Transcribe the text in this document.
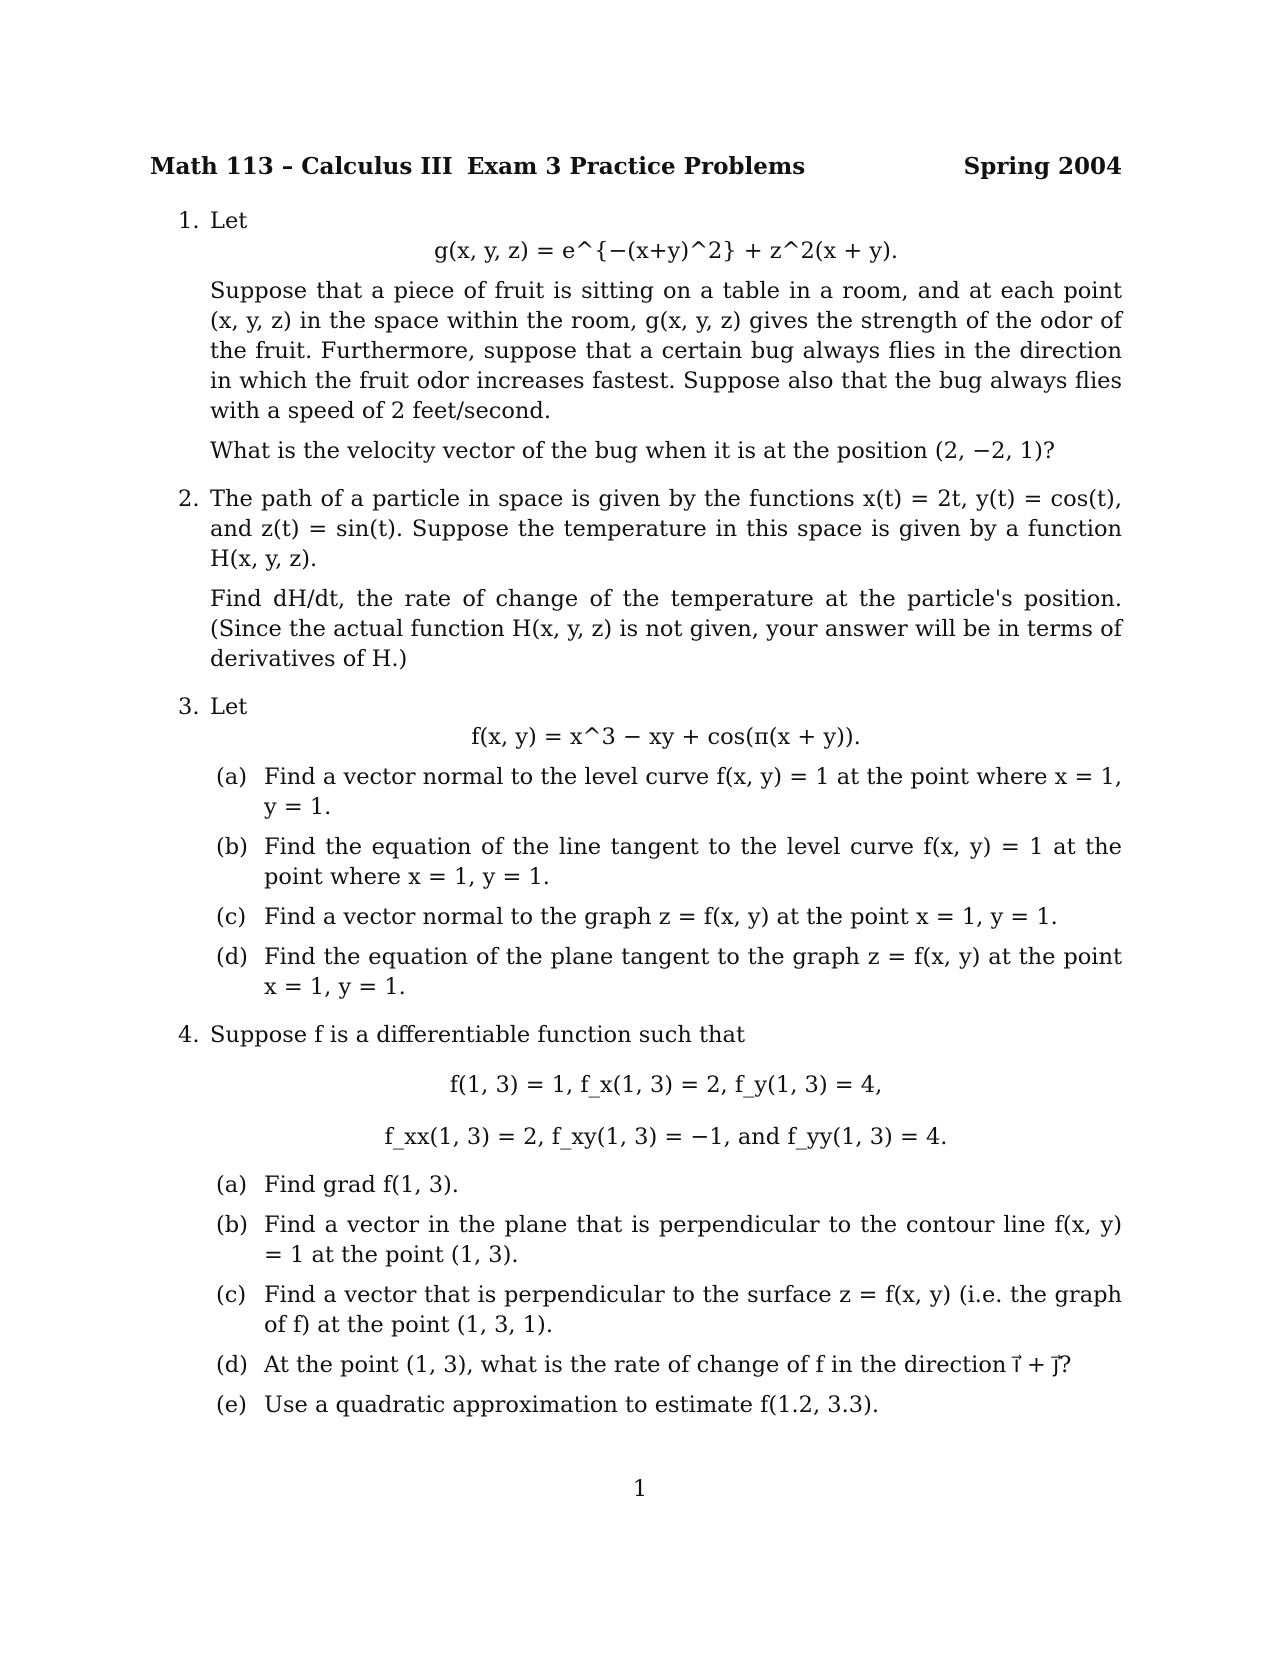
Math 113 – Calculus III Exam 3 Practice Problems	Spring 2004
1. Let

g(x, y, z) = e^{−(x+y)^2} + z^2(x + y).

Suppose that a piece of fruit is sitting on a table in a room, and at each point (x, y, z) in the space within the room, g(x, y, z) gives the strength of the odor of the fruit. Furthermore, suppose that a certain bug always flies in the direction in which the fruit odor increases fastest. Suppose also that the bug always flies with a speed of 2 feet/second.

What is the velocity vector of the bug when it is at the position (2, −2, 1)?

2. The path of a particle in space is given by the functions x(t) = 2t, y(t) = cos(t), and z(t) = sin(t). Suppose the temperature in this space is given by a function H(x, y, z).

Find dH/dt, the rate of change of the temperature at the particle's position. (Since the actual function H(x, y, z) is not given, your answer will be in terms of derivatives of H.)

3. Let

f(x, y) = x^3 − xy + cos(π(x + y)).

(a) Find a vector normal to the level curve f(x, y) = 1 at the point where x = 1, y = 1.

(b) Find the equation of the line tangent to the level curve f(x, y) = 1 at the point where x = 1, y = 1.

(c) Find a vector normal to the graph z = f(x, y) at the point x = 1, y = 1.

(d) Find the equation of the plane tangent to the graph z = f(x, y) at the point x = 1, y = 1.

4. Suppose f is a differentiable function such that

f(1, 3) = 1, f_x(1, 3) = 2, f_y(1, 3) = 4,

f_xx(1, 3) = 2, f_xy(1, 3) = −1, and f_yy(1, 3) = 4.

(a) Find grad f(1, 3).

(b) Find a vector in the plane that is perpendicular to the contour line f(x, y) = 1 at the point (1, 3).

(c) Find a vector that is perpendicular to the surface z = f(x, y) (i.e. the graph of f) at the point (1, 3, 1).

(d) At the point (1, 3), what is the rate of change of f in the direction i⃗ + j⃗?

(e) Use a quadratic approximation to estimate f(1.2, 3.3).

1
